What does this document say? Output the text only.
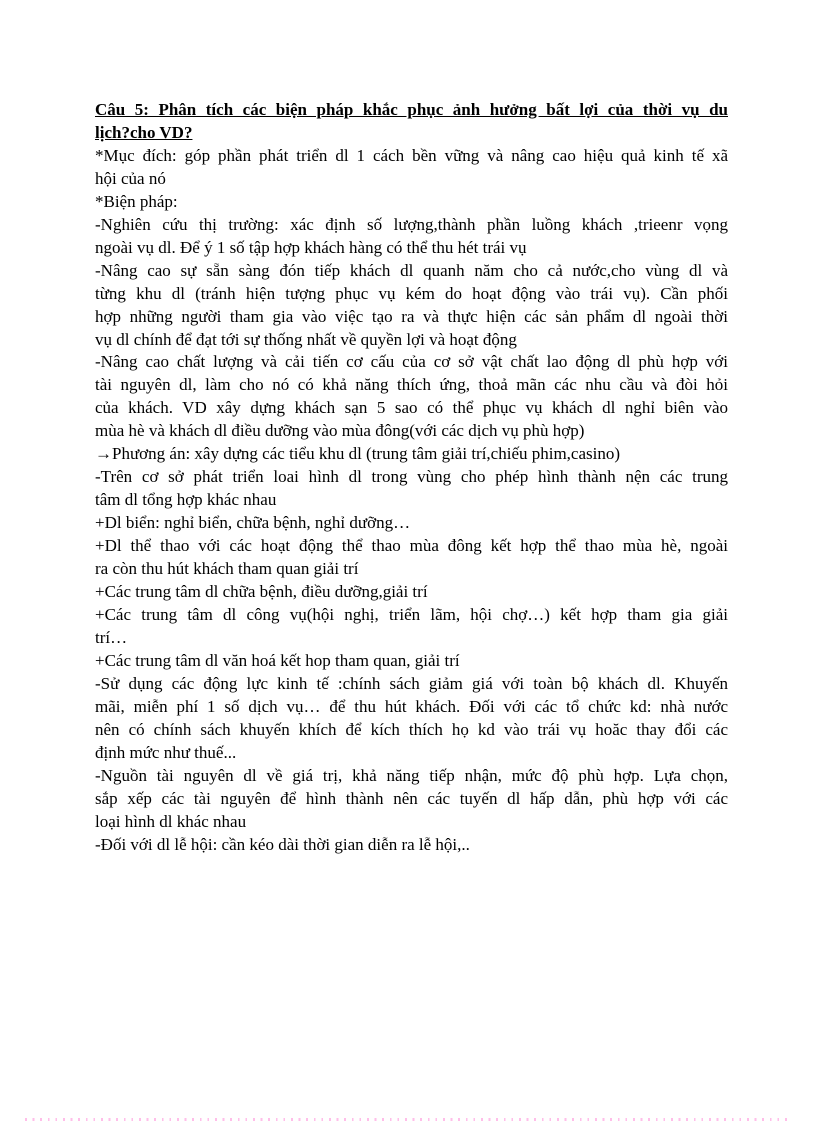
Câu 5: Phân tích các biện pháp khắc phục ảnh hưởng bất lợi của thời vụ du
lịch?cho VD?
*Mục đích: góp phần phát triển dl 1 cách bền vững và nâng cao hiệu quả kinh tế xã
hội của nó
*Biện pháp:
-Nghiên cứu thị trường: xác định số lượng,thành phần luồng khách ,trieenr vọng
ngoài vụ dl. Để ý 1 số tập hợp khách hàng có thể thu hét trái vụ
-Nâng cao sự sẵn sàng đón tiếp khách dl quanh năm cho cả nước,cho vùng dl và
từng khu dl (tránh hiện tượng phục vụ kém do hoạt động vào trái vụ). Cần phối
hợp những người tham gia vào việc tạo ra và thực hiện các sản phẩm dl ngoài thời
vụ dl chính để đạt tới sự thống nhất về quyền lợi và hoạt động
-Nâng cao chất lượng và cải tiến cơ cấu của cơ sở vật chất lao động dl phù hợp với
tài nguyên dl, làm cho nó có khả năng thích ứng, thoả mãn các nhu cầu và đòi hỏi
của khách. VD xây dựng khách sạn 5 sao có thể phục vụ khách dl nghỉ biên vào
mùa hè và khách dl điều dưỡng vào mùa đông(với các dịch vụ phù hợp)
→Phương án: xây dựng các tiểu khu dl (trung tâm giải trí,chiếu phim,casino)
-Trên cơ sở phát triển loai hình dl trong vùng cho phép hình thành nện các trung
tâm dl tổng hợp khác nhau
+Dl biển: nghỉ biển, chữa bệnh, nghỉ dưỡng…
+Dl thể thao với các hoạt động thể thao mùa đông kết hợp thể thao mùa hè, ngoài
ra còn thu hút khách tham quan giải trí
+Các trung tâm dl chữa bệnh, điều dưỡng,giải trí
+Các trung tâm dl công vụ(hội nghị, triển lãm, hội chợ…) kết hợp tham gia giải
trí…
+Các trung tâm dl văn hoá kết hop tham quan, giải trí
-Sử dụng các động lực kinh tế :chính sách giảm giá với toàn bộ khách dl. Khuyến
mãi, miễn phí 1 số dịch vụ… để thu hút khách. Đối với các tổ chức kd: nhà nước
nên có chính sách khuyến khích để kích thích họ kd vào trái vụ hoăc thay đổi các
định mức như thuế...
-Nguồn tài nguyên dl về giá trị, khả năng tiếp nhận, mức độ phù hợp. Lựa chọn,
sắp xếp các tài nguyên để hình thành nên các tuyến dl hấp dẫn, phù hợp với các
loại hình dl khác nhau
-Đối với dl lễ hội: cần kéo dài thời gian diễn ra lễ hội,..
